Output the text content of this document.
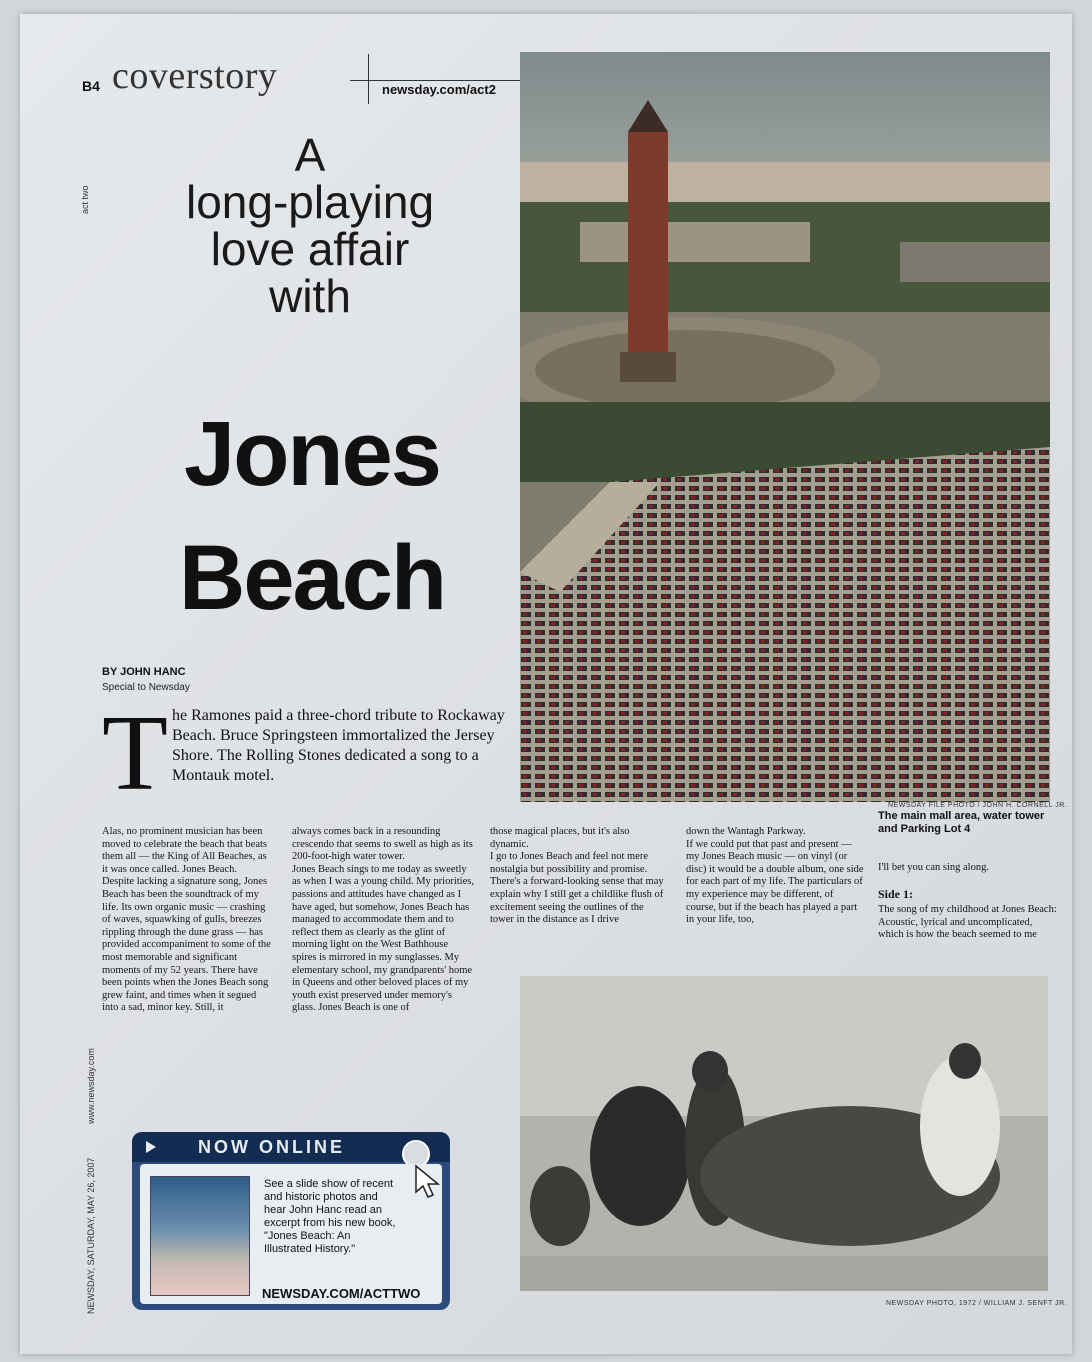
B4 coverstory	newsday.com/act2
act two
A
long-playing
love affair
with
Jones
Beach
BY JOHN HANC
Special to Newsday
T he Ramones paid a three-chord tribute to Rockaway Beach. Bruce Springsteen immortalized the Jersey Shore. The Rolling Stones dedicated a song to a Montauk motel.
Alas, no prominent musician has been moved to celebrate the beach that beats them all — the King of All Beaches, as it was once called. Jones Beach.
Despite lacking a signature song, Jones Beach has been the soundtrack of my life. Its own organic music — crashing of waves, squawking of gulls, breezes rippling through the dune grass — has provided accompaniment to some of the most memorable and significant moments of my 52 years. There have been points when the Jones Beach song grew faint, and times when it segued into a sad, minor key. Still, it
always comes back in a resounding crescendo that seems to swell as high as its 200-foot-high water tower.
Jones Beach sings to me today as sweetly as when I was a young child. My priorities, passions and attitudes have changed as I have aged, but somehow, Jones Beach has managed to accommodate them and to reflect them as clearly as the glint of morning light on the West Bathhouse spires is mirrored in my sunglasses. My elementary school, my grandparents' home in Queens and other beloved places of my youth exist preserved under memory's glass. Jones Beach is one of
those magical places, but it's also dynamic.
I go to Jones Beach and feel not mere nostalgia but possibility and promise. There's a forward-looking sense that may explain why I still get a childlike flush of excitement seeing the outlines of the tower in the distance as I drive
down the Wantagh Parkway.
If we could put that past and present — my Jones Beach music — on vinyl (or disc) it would be a double album, one side for each part of my life. The particulars of my experience may be different, of course, but if the beach has played a part in your life, too,
I'll bet you can sing along.
Side 1:
The song of my childhood at Jones Beach: Acoustic, lyrical and uncomplicated, which is how the beach seemed to me
NEWSDAY FILE PHOTO / JOHN H. CORNELL JR.
The main mall area, water tower and Parking Lot 4
NEWSDAY PHOTO, 1972 / WILLIAM J. SENFT JR.
NOW ONLINE
See a slide show of recent and historic photos and hear John Hanc read an excerpt from his new book, "Jones Beach: An Illustrated History."
NEWSDAY.COM/ACTTWO
NEWSDAY, SATURDAY, MAY 26, 2007
www.newsday.com
